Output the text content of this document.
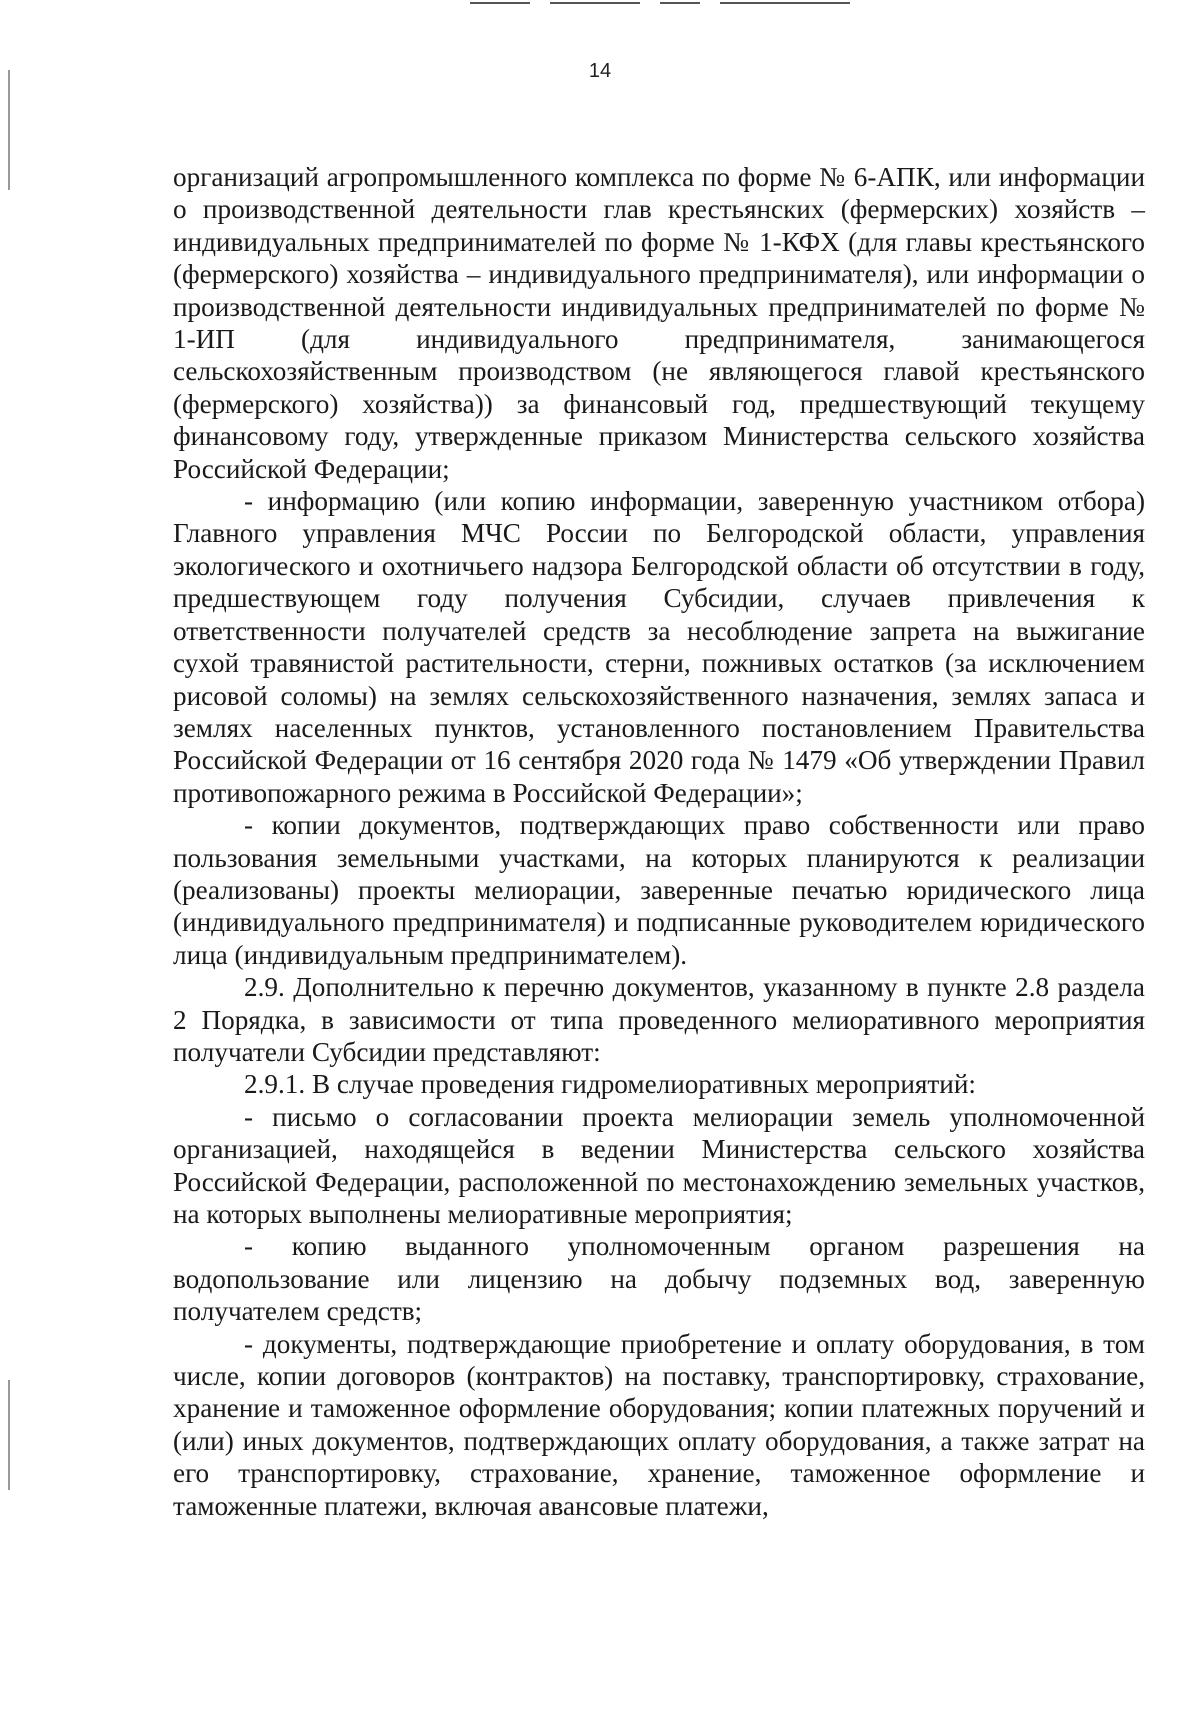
14

организаций агропромышленного комплекса по форме № 6-АПК, или информации о производственной деятельности глав крестьянских (фермерских) хозяйств – индивидуальных предпринимателей по форме № 1-КФХ (для главы крестьянского (фермерского) хозяйства – индивидуального предпринимателя), или информации о производственной деятельности индивидуальных предпринимателей по форме № 1-ИП (для индивидуального предпринимателя, занимающегося сельскохозяйственным производством (не являющегося главой крестьянского (фермерского) хозяйства)) за финансовый год, предшествующий текущему финансовому году, утвержденные приказом Министерства сельского хозяйства Российской Федерации;

- информацию (или копию информации, заверенную участником отбора) Главного управления МЧС России по Белгородской области, управления экологического и охотничьего надзора Белгородской области об отсутствии в году, предшествующем году получения Субсидии, случаев привлечения к ответственности получателей средств за несоблюдение запрета на выжигание сухой травянистой растительности, стерни, пожнивых остатков (за исключением рисовой соломы) на землях сельскохозяйственного назначения, землях запаса и землях населенных пунктов, установленного постановлением Правительства Российской Федерации от 16 сентября 2020 года № 1479 «Об утверждении Правил противопожарного режима в Российской Федерации»;

- копии документов, подтверждающих право собственности или право пользования земельными участками, на которых планируются к реализации (реализованы) проекты мелиорации, заверенные печатью юридического лица (индивидуального предпринимателя) и подписанные руководителем юридического лица (индивидуальным предпринимателем).

2.9. Дополнительно к перечню документов, указанному в пункте 2.8 раздела 2 Порядка, в зависимости от типа проведенного мелиоративного мероприятия получатели Субсидии представляют:

2.9.1. В случае проведения гидромелиоративных мероприятий:

- письмо о согласовании проекта мелиорации земель уполномоченной организацией, находящейся в ведении Министерства сельского хозяйства Российской Федерации, расположенной по местонахождению земельных участков, на которых выполнены мелиоративные мероприятия;

- копию выданного уполномоченным органом разрешения на водопользование или лицензию на добычу подземных вод, заверенную получателем средств;

- документы, подтверждающие приобретение и оплату оборудования, в том числе, копии договоров (контрактов) на поставку, транспортировку, страхование, хранение и таможенное оформление оборудования; копии платежных поручений и (или) иных документов, подтверждающих оплату оборудования, а также затрат на его транспортировку, страхование, хранение, таможенное оформление и таможенные платежи, включая авансовые платежи,
